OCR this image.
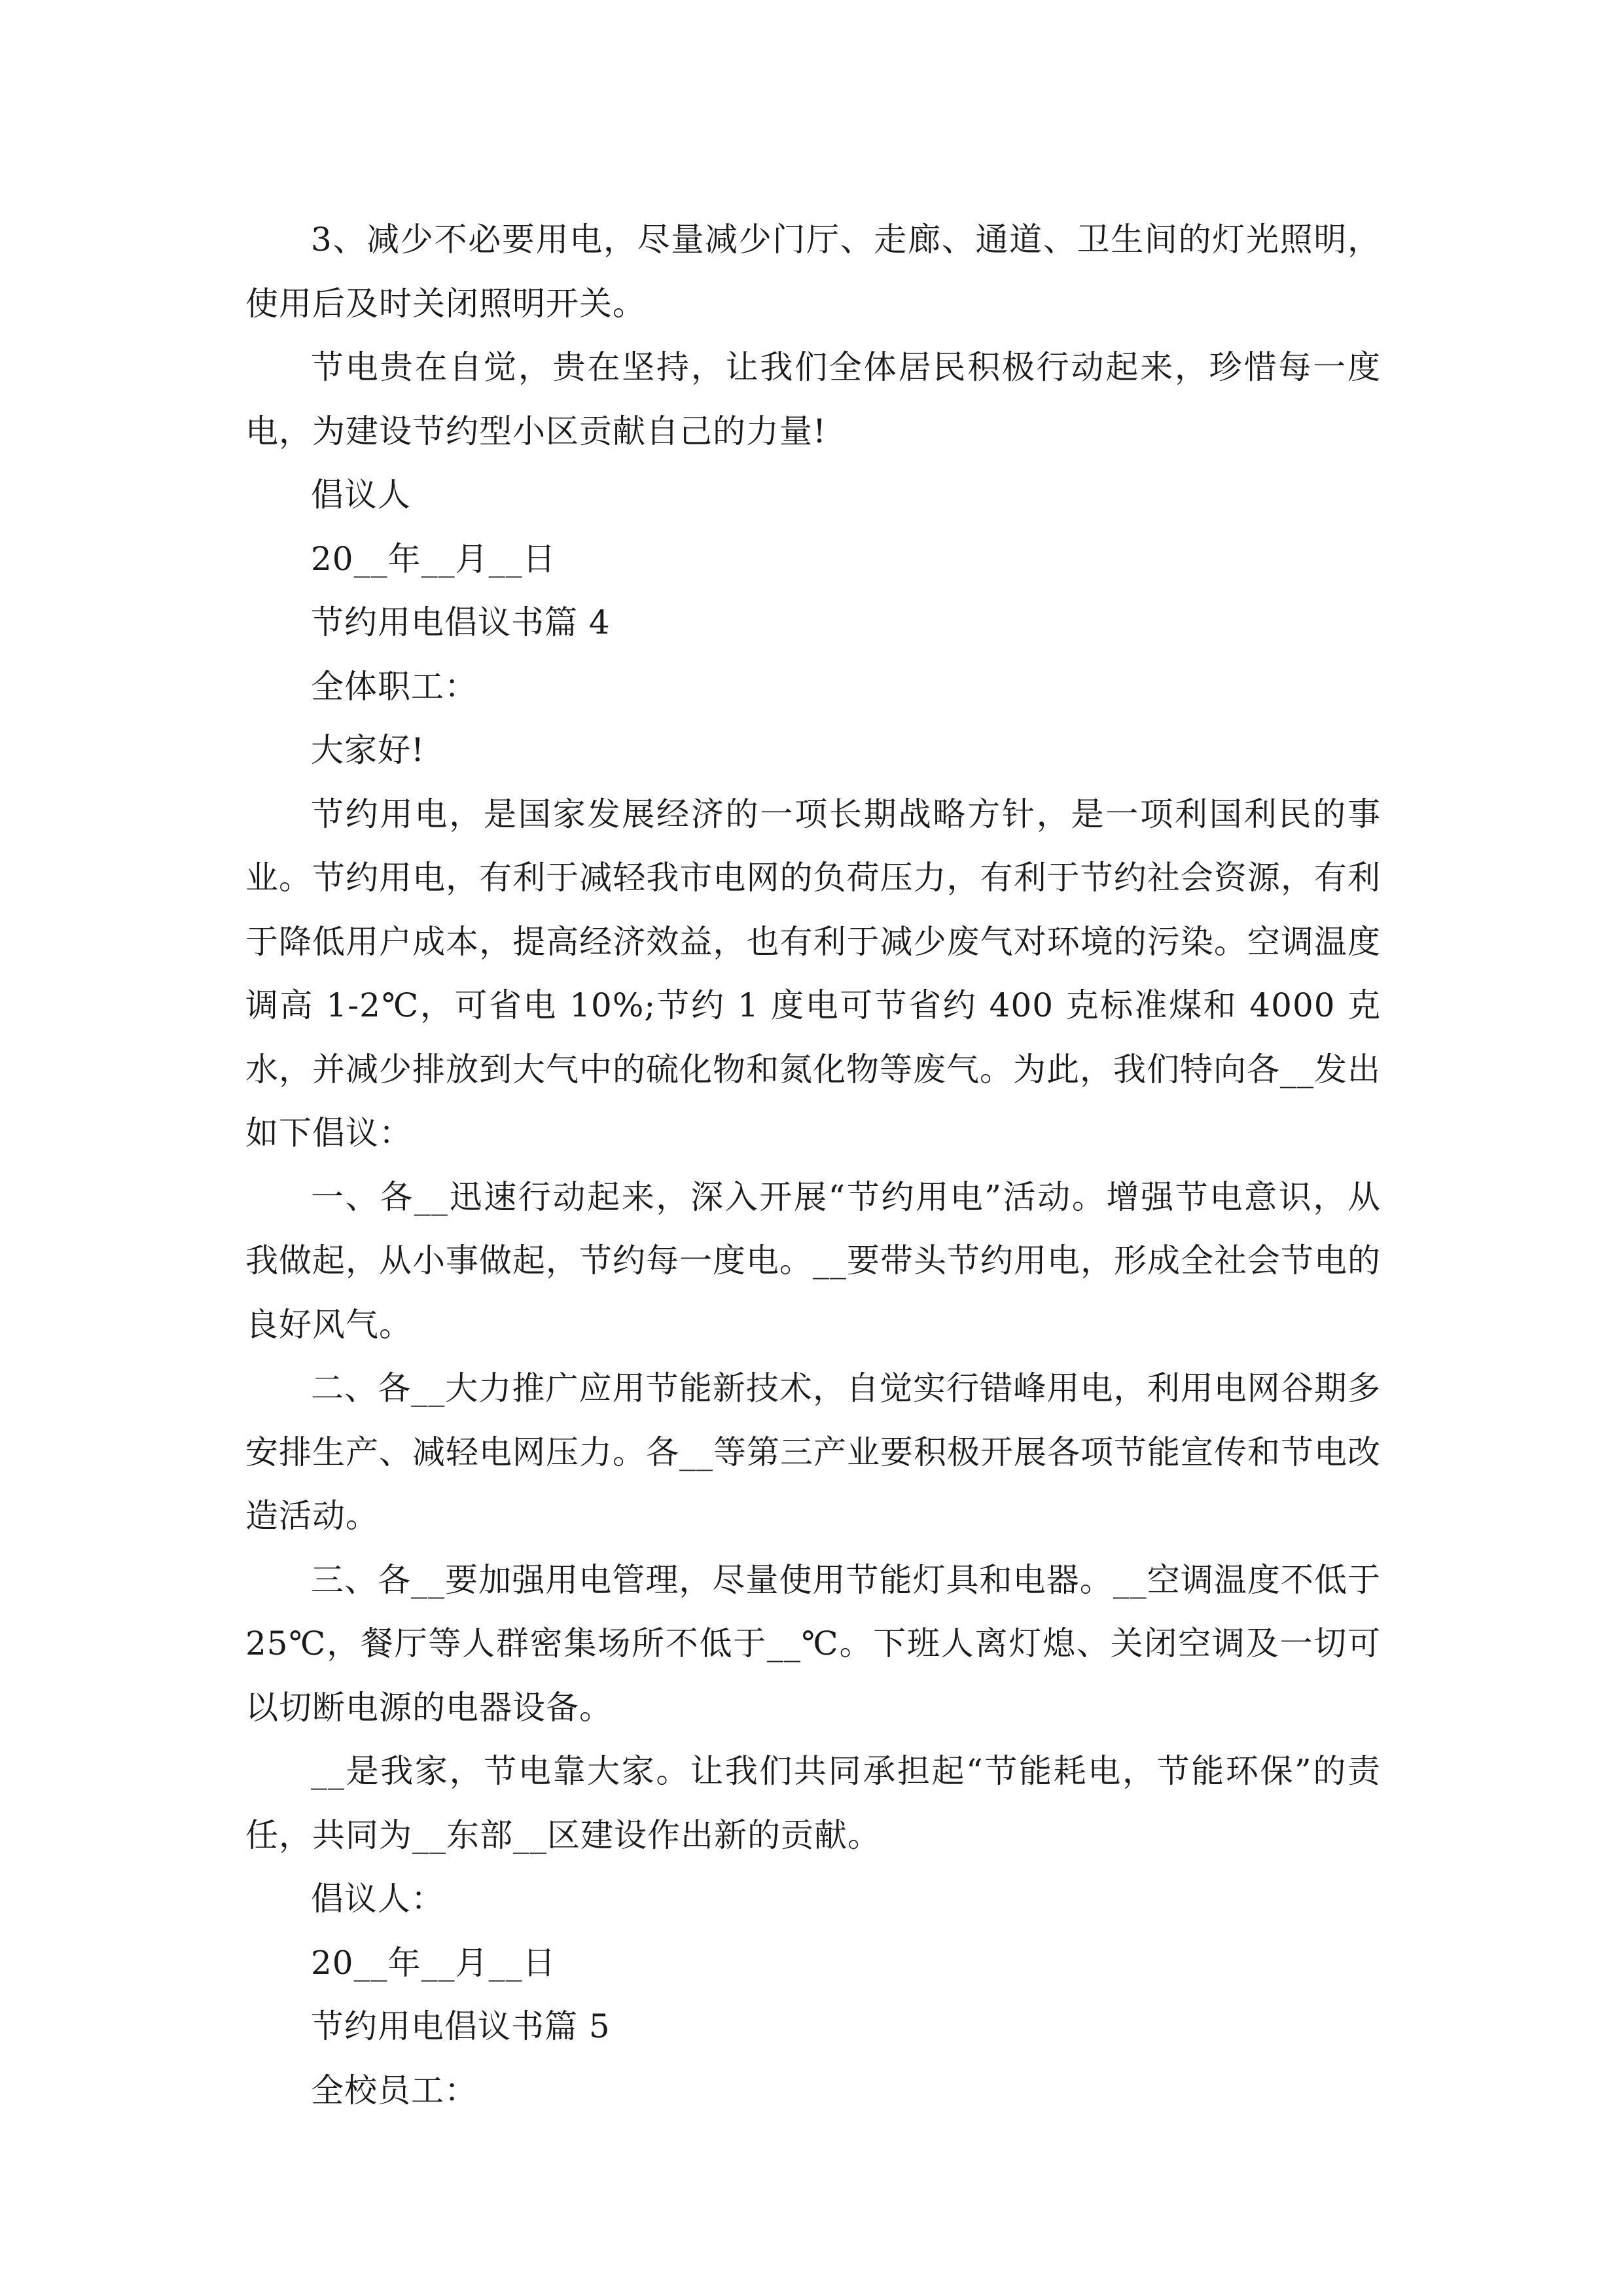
3、减少不必要用电，尽量减少门厅、走廊、通道、卫生间的灯光照明，使用后及时关闭照明开关。

节电贵在自觉，贵在坚持，让我们全体居民积极行动起来，珍惜每一度电，为建设节约型小区贡献自己的力量!

倡议人

20__年__月__日

节约用电倡议书篇 4

全体职工：

大家好!

节约用电，是国家发展经济的一项长期战略方针，是一项利国利民的事业。节约用电，有利于减轻我市电网的负荷压力，有利于节约社会资源，有利于降低用户成本，提高经济效益，也有利于减少废气对环境的污染。空调温度调高 1-2℃，可省电 10%;节约 1 度电可节省约 400 克标准煤和 4000 克水，并减少排放到大气中的硫化物和氮化物等废气。为此，我们特向各__发出如下倡议：

一、各__迅速行动起来，深入开展“节约用电”活动。增强节电意识，从我做起，从小事做起，节约每一度电。__要带头节约用电，形成全社会节电的良好风气。

二、各__大力推广应用节能新技术，自觉实行错峰用电，利用电网谷期多安排生产、减轻电网压力。各__等第三产业要积极开展各项节能宣传和节电改造活动。

三、各__要加强用电管理，尽量使用节能灯具和电器。__空调温度不低于 25℃，餐厅等人群密集场所不低于__℃。下班人离灯熄、关闭空调及一切可以切断电源的电器设备。

__是我家，节电靠大家。让我们共同承担起“节能耗电，节能环保”的责任，共同为__东部__区建设作出新的贡献。

倡议人：

20__年__月__日

节约用电倡议书篇 5

全校员工：
